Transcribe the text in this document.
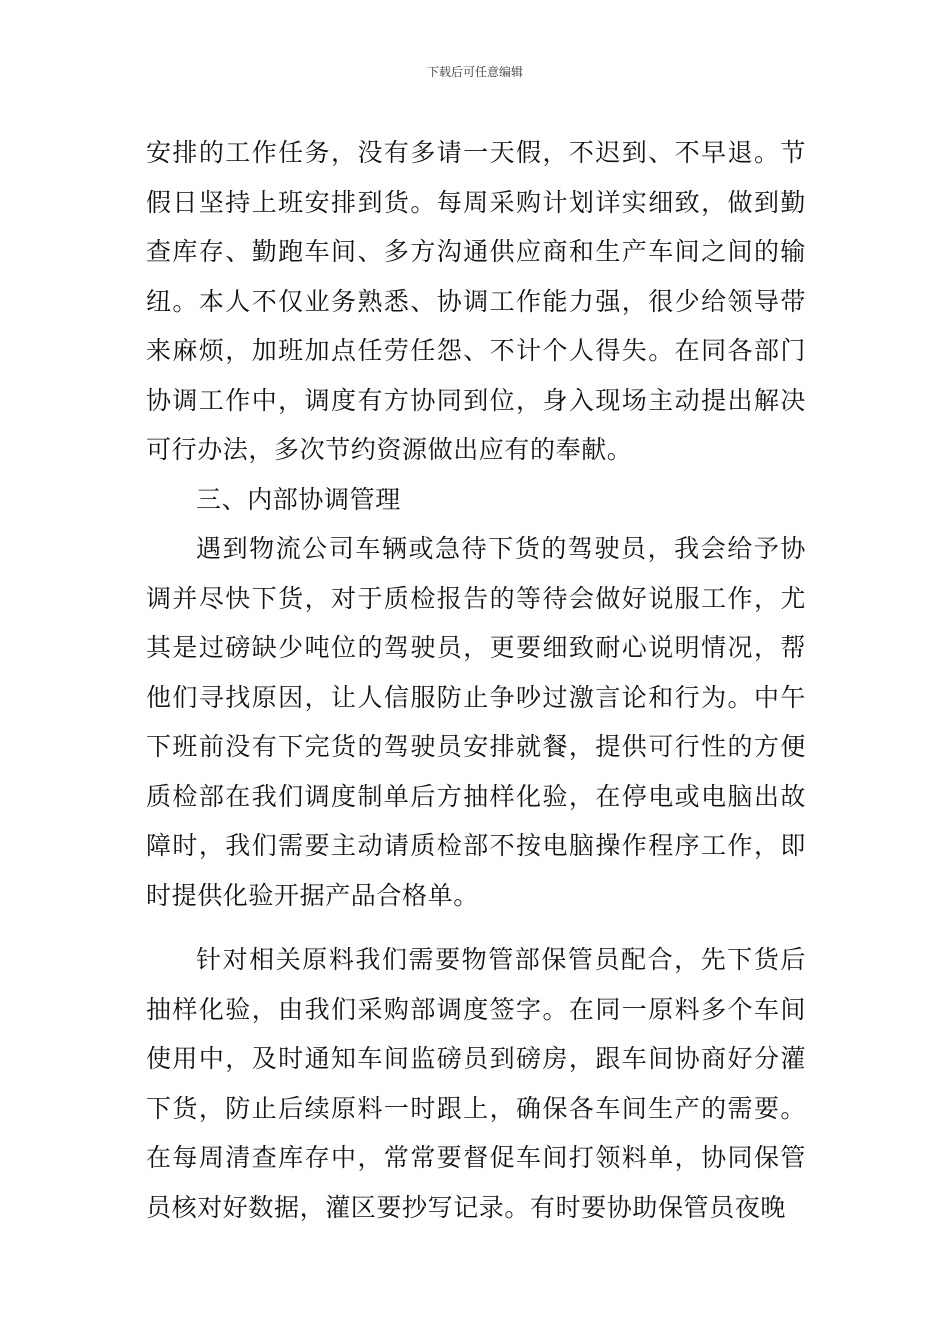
下载后可任意编辑

安排的工作任务，没有多请一天假，不迟到、不早退。节假日坚持上班安排到货。每周采购计划详实细致，做到勤查库存、勤跑车间、多方沟通供应商和生产车间之间的输纽。本人不仅业务熟悉、协调工作能力强，很少给领导带来麻烦，加班加点任劳任怨、不计个人得失。在同各部门协调工作中，调度有方协同到位，身入现场主动提出解决可行办法，多次节约资源做出应有的奉献。

三、内部协调管理

遇到物流公司车辆或急待下货的驾驶员，我会给予协调并尽快下货，对于质检报告的等待会做好说服工作，尤其是过磅缺少吨位的驾驶员，更要细致耐心说明情况，帮他们寻找原因，让人信服防止争吵过激言论和行为。中午下班前没有下完货的驾驶员安排就餐，提供可行性的方便质检部在我们调度制单后方抽样化验，在停电或电脑出故障时，我们需要主动请质检部不按电脑操作程序工作，即时提供化验开据产品合格单。

针对相关原料我们需要物管部保管员配合，先下货后抽样化验，由我们采购部调度签字。在同一原料多个车间使用中，及时通知车间监磅员到磅房，跟车间协商好分灌下货，防止后续原料一时跟上，确保各车间生产的需要。在每周清查库存中，常常要督促车间打领料单，协同保管员核对好数据，灌区要抄写记录。有时要协助保管员夜晚
